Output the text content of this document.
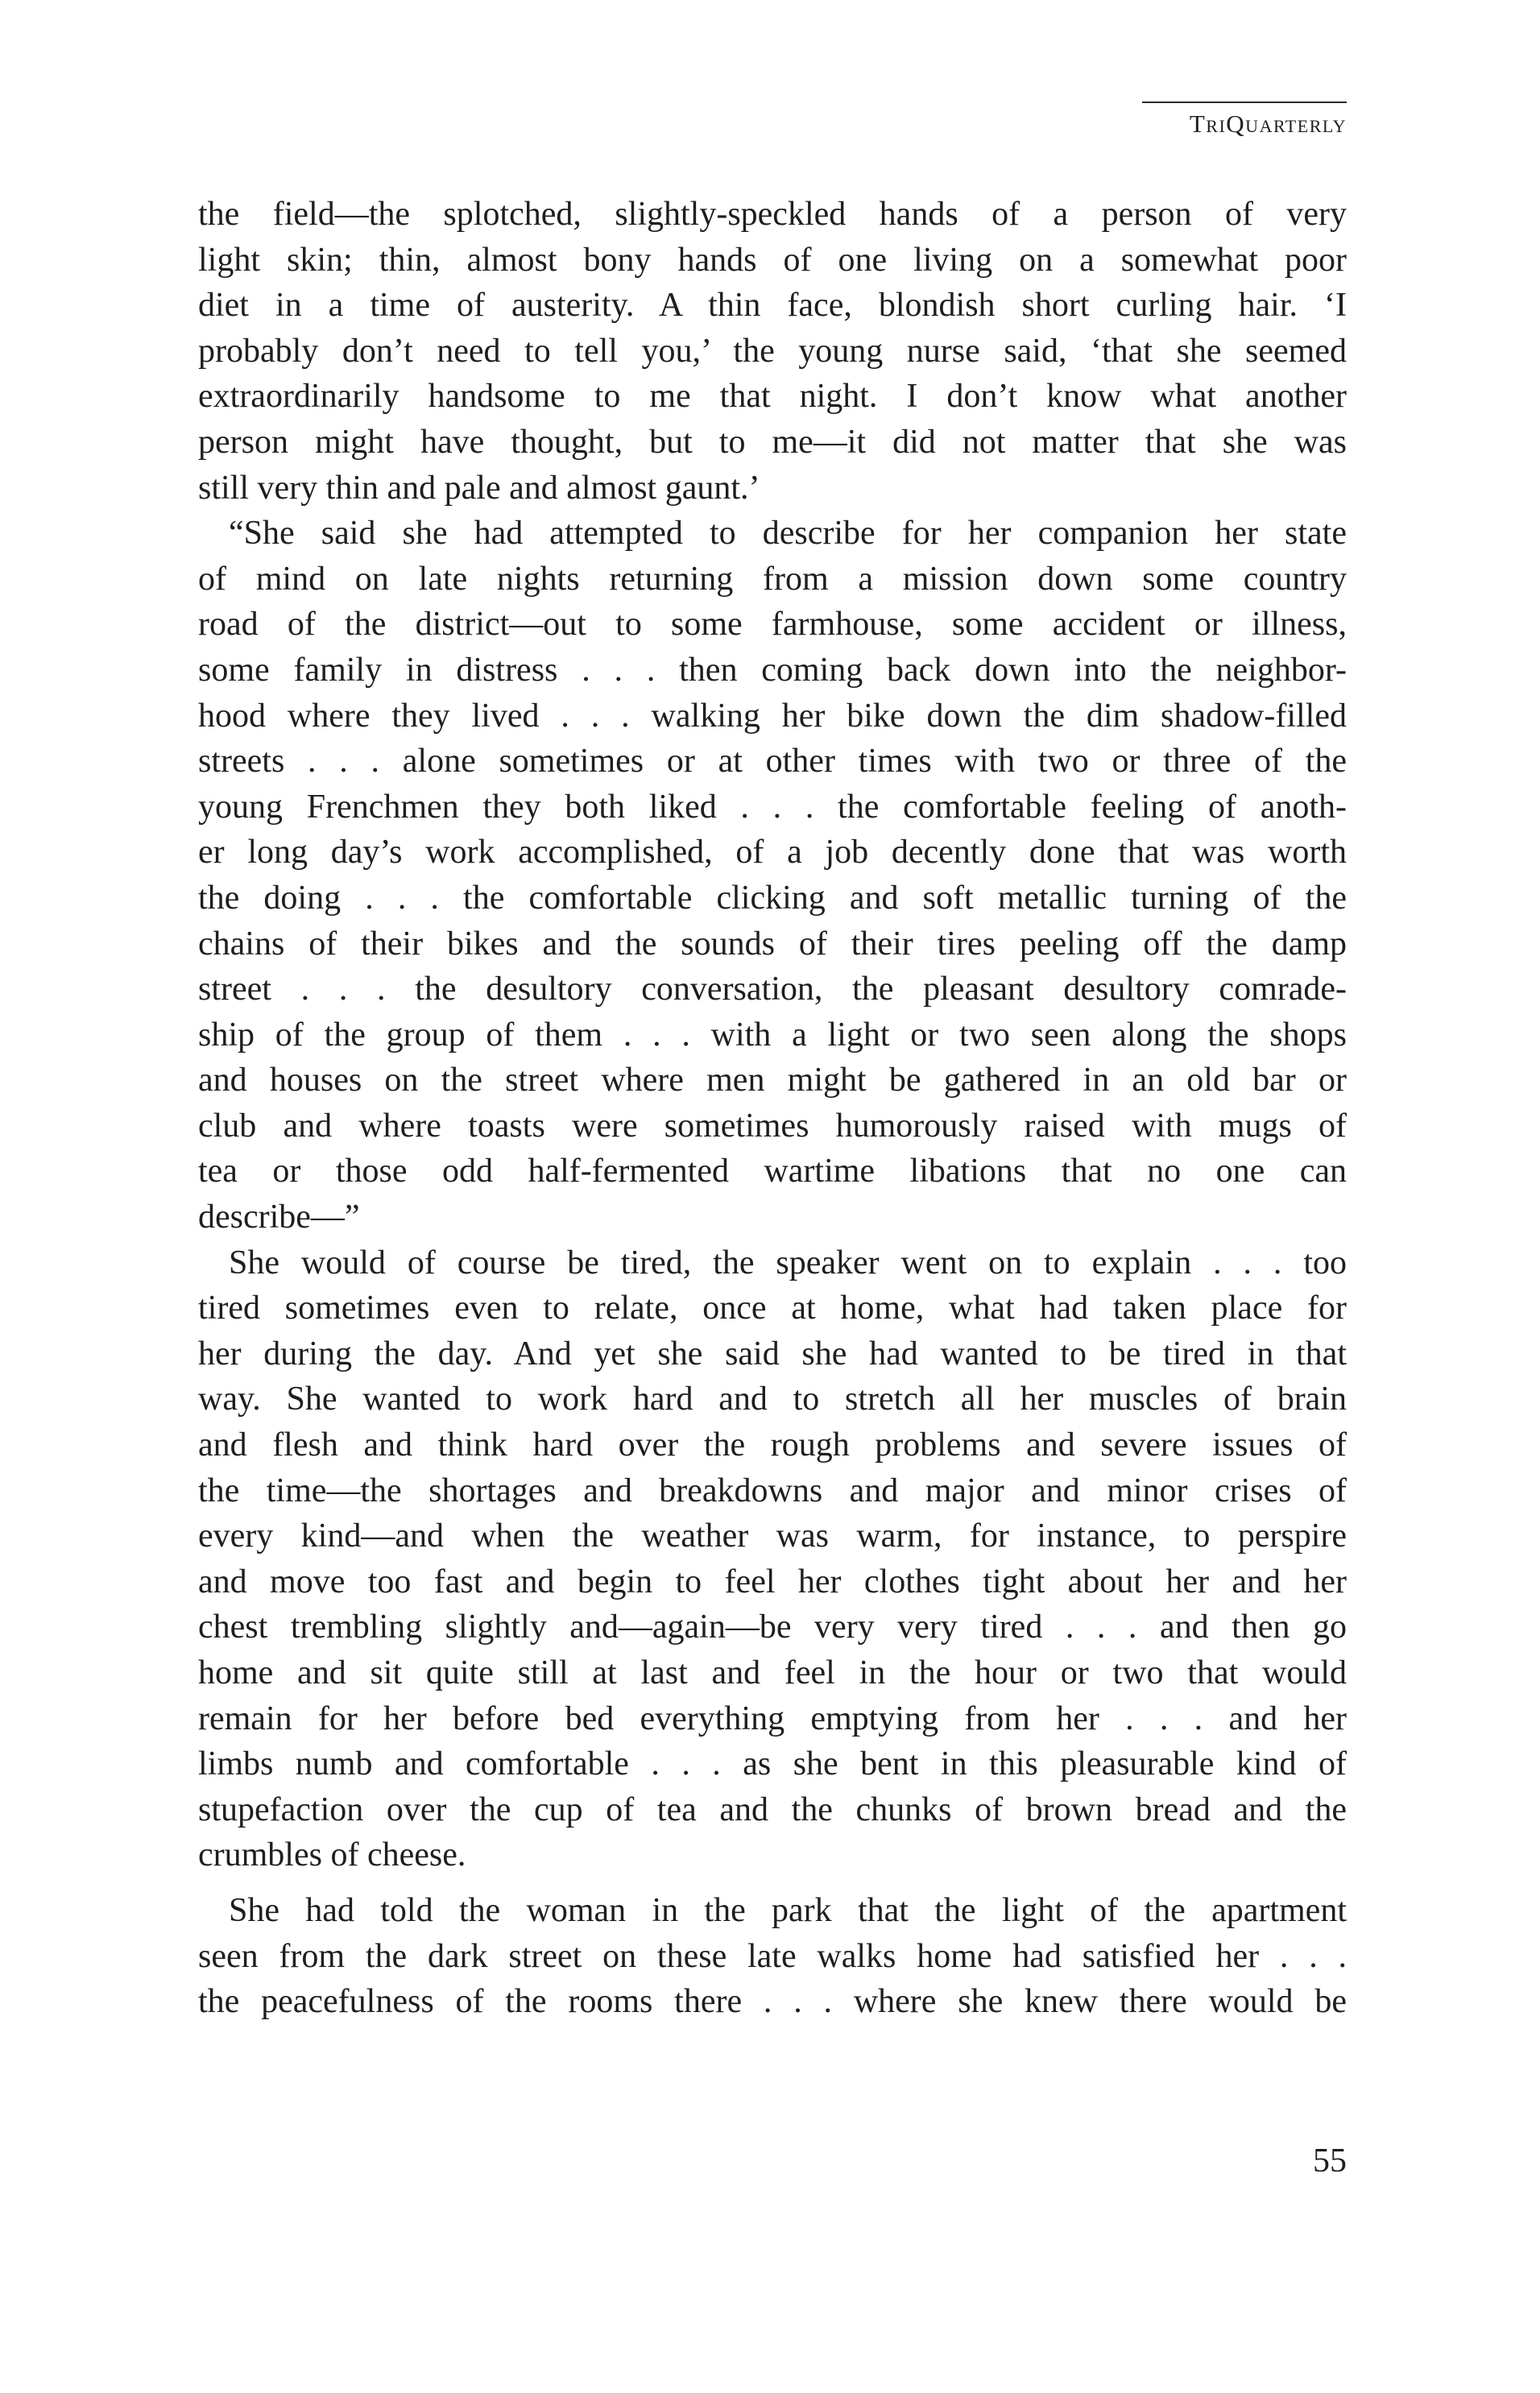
TriQuarterly

the field—the splotched, slightly-speckled hands of a person of very
light skin; thin, almost bony hands of one living on a somewhat poor
diet in a time of austerity. A thin face, blondish short curling hair. ‘I
probably don’t need to tell you,’ the young nurse said, ‘that she seemed
extraordinarily handsome to me that night. I don’t know what another
person might have thought, but to me—it did not matter that she was
still very thin and pale and almost gaunt.’

“She said she had attempted to describe for her companion her state
of mind on late nights returning from a mission down some country
road of the district—out to some farmhouse, some accident or illness,
some family in distress . . . then coming back down into the neighbor-
hood where they lived . . . walking her bike down the dim shadow-filled
streets . . . alone sometimes or at other times with two or three of the
young Frenchmen they both liked . . . the comfortable feeling of anoth-
er long day’s work accomplished, of a job decently done that was worth
the doing . . . the comfortable clicking and soft metallic turning of the
chains of their bikes and the sounds of their tires peeling off the damp
street . . . the desultory conversation, the pleasant desultory comrade-
ship of the group of them . . . with a light or two seen along the shops
and houses on the street where men might be gathered in an old bar or
club and where toasts were sometimes humorously raised with mugs of
tea or those odd half-fermented wartime libations that no one can
describe—”

She would of course be tired, the speaker went on to explain . . . too
tired sometimes even to relate, once at home, what had taken place for
her during the day. And yet she said she had wanted to be tired in that
way. She wanted to work hard and to stretch all her muscles of brain
and flesh and think hard over the rough problems and severe issues of
the time—the shortages and breakdowns and major and minor crises of
every kind—and when the weather was warm, for instance, to perspire
and move too fast and begin to feel her clothes tight about her and her
chest trembling slightly and—again—be very very tired . . . and then go
home and sit quite still at last and feel in the hour or two that would
remain for her before bed everything emptying from her . . . and her
limbs numb and comfortable . . . as she bent in this pleasurable kind of
stupefaction over the cup of tea and the chunks of brown bread and the
crumbles of cheese.

She had told the woman in the park that the light of the apartment
seen from the dark street on these late walks home had satisfied her . . .
the peacefulness of the rooms there . . . where she knew there would be

55
